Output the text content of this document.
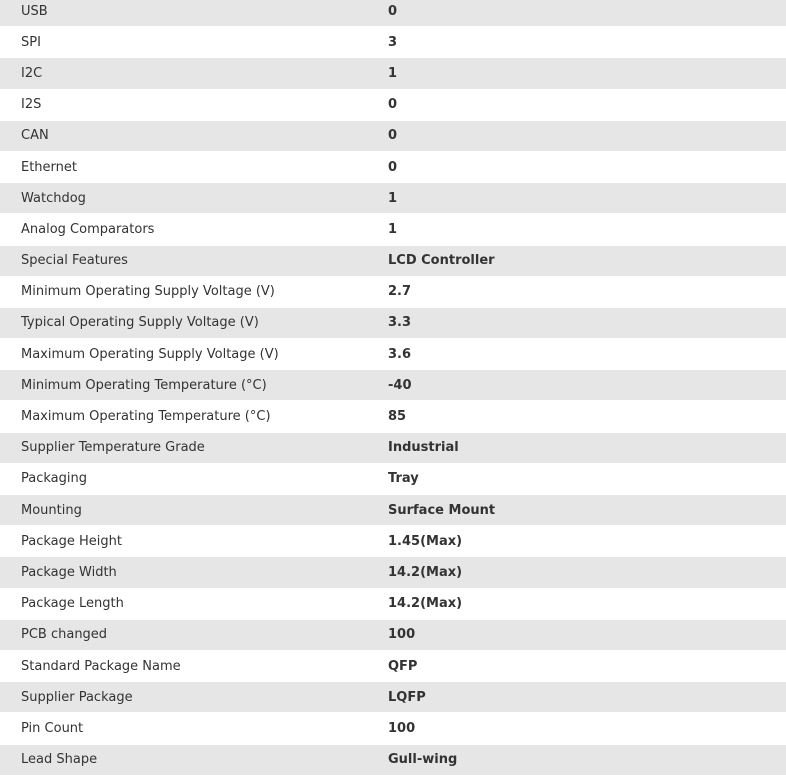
USB	0
SPI	3
I2C	1
I2S	0
CAN	0
Ethernet	0
Watchdog	1
Analog Comparators	1
Special Features	LCD Controller
Minimum Operating Supply Voltage (V)	2.7
Typical Operating Supply Voltage (V)	3.3
Maximum Operating Supply Voltage (V)	3.6
Minimum Operating Temperature (°C)	-40
Maximum Operating Temperature (°C)	85
Supplier Temperature Grade	Industrial
Packaging	Tray
Mounting	Surface Mount
Package Height	1.45(Max)
Package Width	14.2(Max)
Package Length	14.2(Max)
PCB changed	100
Standard Package Name	QFP
Supplier Package	LQFP
Pin Count	100
Lead Shape	Gull-wing
